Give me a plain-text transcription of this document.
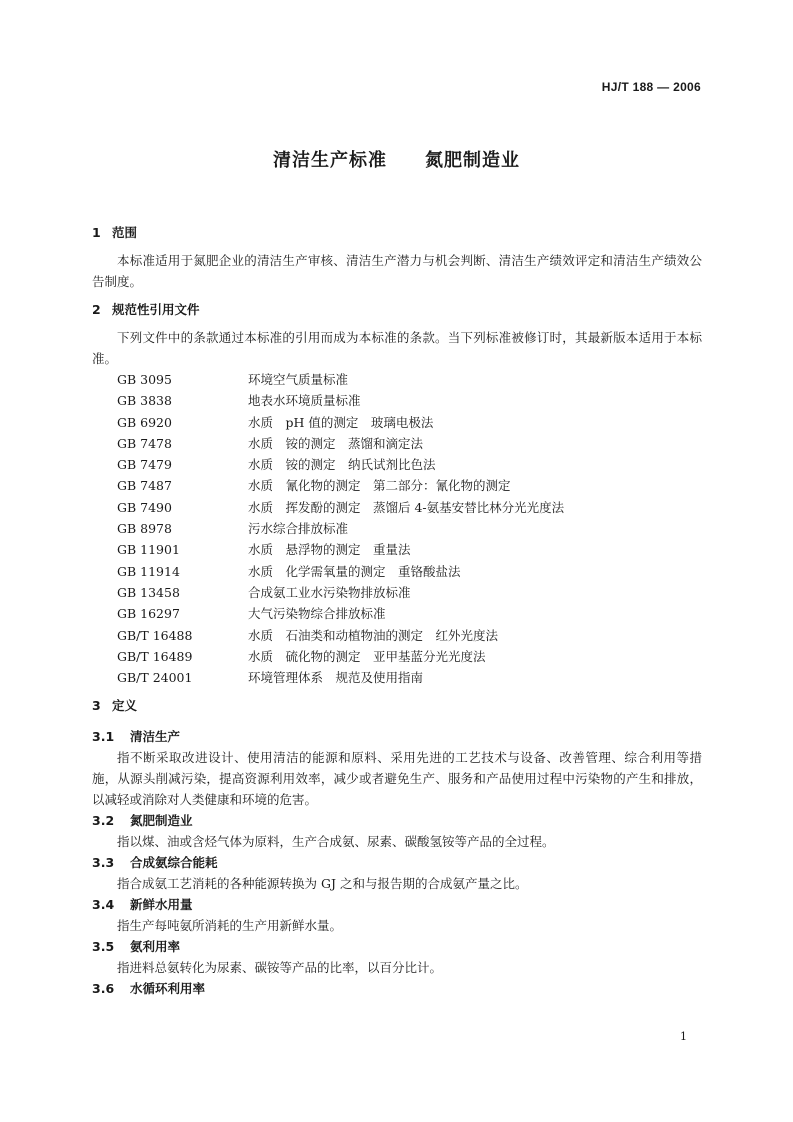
HJ/T 188 — 2006
清洁生产标准　　氮肥制造业
1 范围

本标准适用于氮肥企业的清洁生产审核、清洁生产潜力与机会判断、清洁生产绩效评定和清洁生产绩效公告制度。

2 规范性引用文件

下列文件中的条款通过本标准的引用而成为本标准的条款。当下列标准被修订时，其最新版本适用于本标准。

GB 3095	环境空气质量标准
GB 3838	地表水环境质量标准
GB 6920	水质　pH 值的测定　玻璃电极法
GB 7478	水质　铵的测定　蒸馏和滴定法
GB 7479	水质　铵的测定　纳氏试剂比色法
GB 7487	水质　氰化物的测定　第二部分：氰化物的测定
GB 7490	水质　挥发酚的测定　蒸馏后 4-氨基安替比林分光光度法
GB 8978	污水综合排放标准
GB 11901	水质　悬浮物的测定　重量法
GB 11914	水质　化学需氧量的测定　重铬酸盐法
GB 13458	合成氨工业水污染物排放标准
GB 16297	大气污染物综合排放标准
GB/T 16488	水质　石油类和动植物油的测定　红外光度法
GB/T 16489	水质　硫化物的测定　亚甲基蓝分光光度法
GB/T 24001	环境管理体系　规范及使用指南
3 定义
3.1 清洁生产

指不断采取改进设计、使用清洁的能源和原料、采用先进的工艺技术与设备、改善管理、综合利用等措施，从源头削减污染，提高资源利用效率，减少或者避免生产、服务和产品使用过程中污染物的产生和排放，以减轻或消除对人类健康和环境的危害。

3.2 氮肥制造业

指以煤、油或含烃气体为原料，生产合成氨、尿素、碳酸氢铵等产品的全过程。

3.3 合成氨综合能耗

指合成氨工艺消耗的各种能源转换为 GJ 之和与报告期的合成氨产量之比。

3.4 新鲜水用量

指生产每吨氨所消耗的生产用新鲜水量。

3.5 氨利用率

指进料总氨转化为尿素、碳铵等产品的比率，以百分比计。

3.6 水循环利用率
1
